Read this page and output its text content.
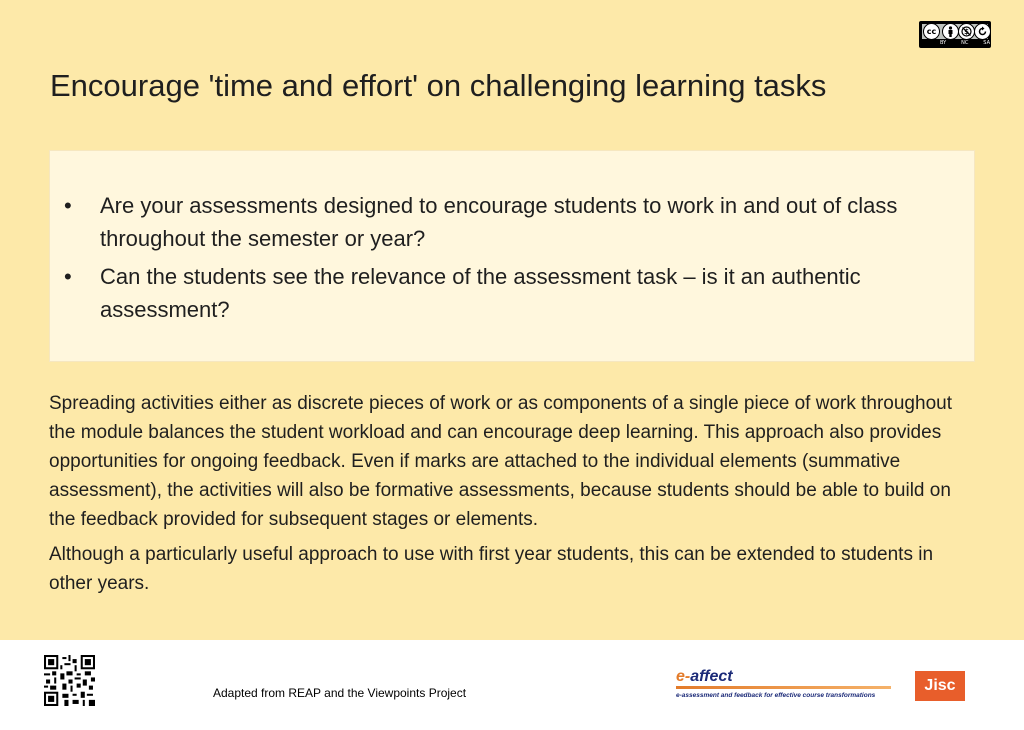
cc	$
BY	NC	SA
Encourage 'time and effort' on challenging learning tasks
• Are your assessments designed to encourage students to work in and out of class throughout the semester or year?
• Can the students see the relevance of the assessment task – is it an authentic assessment?

Spreading activities either as discrete pieces of work or as components of a single piece of work throughout the module balances the student workload and can encourage deep learning. This approach also provides opportunities for ongoing feedback. Even if marks are attached to the individual elements (summative assessment), the activities will also be formative assessments, because students should be able to build on the feedback provided for subsequent stages or elements.

Although a particularly useful approach to use with first year students, this can be extended to students in other years.

Adapted from REAP and the Viewpoints Project
e-affect
e-assessment and feedback for effective course transformations
Jisc
